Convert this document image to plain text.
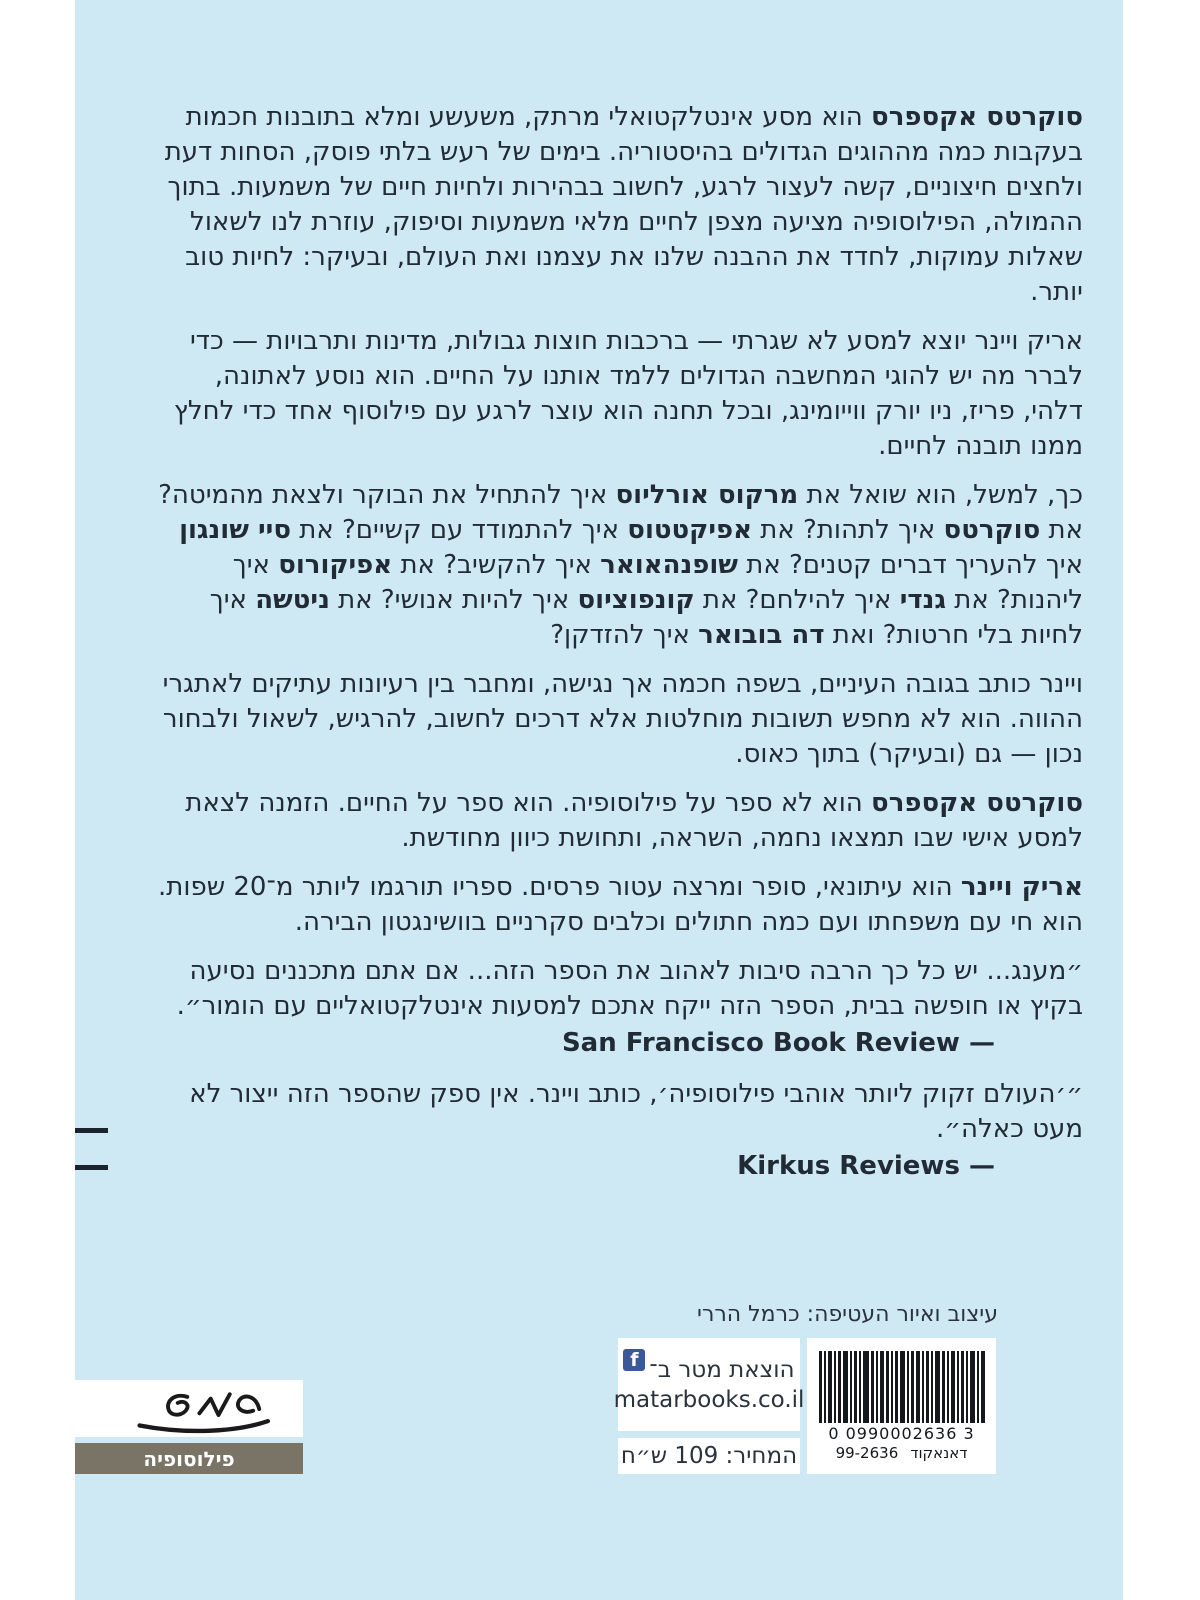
סוקרטס אקספרס הוא מסע אינטלקטואלי מרתק, משעשע ומלא בתובנות חכמות בעקבות כמה מההוגים הגדולים בהיסטוריה. בימים של רעש בלתי פוסק, הסחות דעת ולחצים חיצוניים, קשה לעצור לרגע, לחשוב בבהירות ולחיות חיים של משמעות. בתוך ההמולה, הפילוסופיה מציעה מצפן לחיים מלאי משמעות וסיפוק, עוזרת לנו לשאול שאלות עמוקות, לחדד את ההבנה שלנו את עצמנו ואת העולם, ובעיקר: לחיות טוב יותר.

אריק ויינר יוצא למסע לא שגרתי — ברכבות חוצות גבולות, מדינות ותרבויות — כדי לברר מה יש להוגי המחשבה הגדולים ללמד אותנו על החיים. הוא נוסע לאתונה, דלהי, פריז, ניו יורק ווייומינג, ובכל תחנה הוא עוצר לרגע עם פילוסוף אחד כדי לחלץ ממנו תובנה לחיים.

כך, למשל, הוא שואל את מרקוס אורליוס איך להתחיל את הבוקר ולצאת מהמיטה? את סוקרטס איך לתהות? את אפיקטטוס איך להתמודד עם קשיים? את סיי שונגון איך להעריך דברים קטנים? את שופנהאואר איך להקשיב? את אפיקורוס איך ליהנות? את גנדי איך להילחם? את קונפוציוס איך להיות אנושי? את ניטשה איך לחיות בלי חרטות? ואת דה בובואר איך להזדקן?

ויינר כותב בגובה העיניים, בשפה חכמה אך נגישה, ומחבר בין רעיונות עתיקים לאתגרי ההווה. הוא לא מחפש תשובות מוחלטות אלא דרכים לחשוב, להרגיש, לשאול ולבחור נכון — גם (ובעיקר) בתוך כאוס.

סוקרטס אקספרס הוא לא ספר על פילוסופיה. הוא ספר על החיים. הזמנה לצאת למסע אישי שבו תמצאו נחמה, השראה, ותחושת כיוון מחודשת.

אריק ויינר הוא עיתונאי, סופר ומרצה עטור פרסים. ספריו תורגמו ליותר מ־20 שפות. הוא חי עם משפחתו ועם כמה חתולים וכלבים סקרניים בוושינגטון הבירה.

״מענג... יש כל כך הרבה סיבות לאהוב את הספר הזה... אם אתם מתכננים נסיעה בקיץ או חופשה בבית, הספר הזה ייקח אתכם למסעות אינטלקטואליים עם הומור״.

— San Francisco Book Review

״׳העולם זקוק ליותר אוהבי פילוסופיה׳, כותב ויינר. אין ספק שהספר הזה ייצור לא מעט כאלה״.

— Kirkus Reviews

עיצוב ואיור העטיפה: כרמל הררי
הוצאת מטר ב־
f
matarbooks.co.il
המחיר: 109 ש״ח
0 0990002636 3
דאנאקוד
99-2636
פילוסופיה
